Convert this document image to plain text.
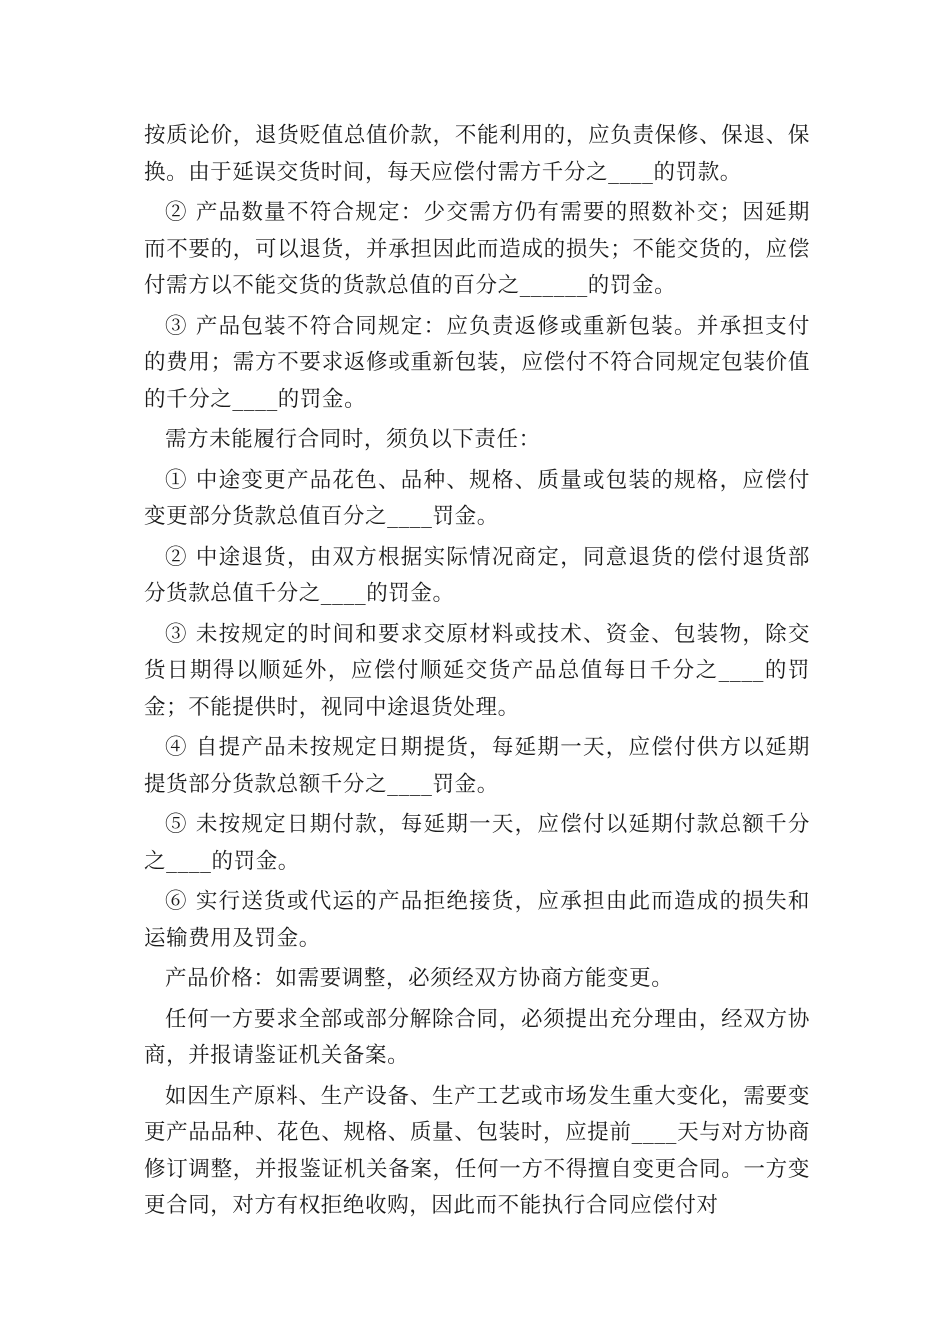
按质论价，退货贬值总值价款，不能利用的，应负责保修、保退、保换。由于延误交货时间，每天应偿付需方千分之____的罚款。

② 产品数量不符合规定：少交需方仍有需要的照数补交；因延期而不要的，可以退货，并承担因此而造成的损失；不能交货的，应偿付需方以不能交货的货款总值的百分之______的罚金。

③ 产品包装不符合同规定：应负责返修或重新包装。并承担支付的费用；需方不要求返修或重新包装，应偿付不符合同规定包装价值的千分之____的罚金。

需方未能履行合同时，须负以下责任：

① 中途变更产品花色、品种、规格、质量或包装的规格，应偿付变更部分货款总值百分之____罚金。

② 中途退货，由双方根据实际情况商定，同意退货的偿付退货部分货款总值千分之____的罚金。

③ 未按规定的时间和要求交原材料或技术、资金、包装物，除交货日期得以顺延外，应偿付顺延交货产品总值每日千分之____的罚金；不能提供时，视同中途退货处理。

④ 自提产品未按规定日期提货，每延期一天，应偿付供方以延期提货部分货款总额千分之____罚金。

⑤ 未按规定日期付款，每延期一天，应偿付以延期付款总额千分之____的罚金。

⑥ 实行送货或代运的产品拒绝接货，应承担由此而造成的损失和运输费用及罚金。

产品价格：如需要调整，必须经双方协商方能变更。

任何一方要求全部或部分解除合同，必须提出充分理由，经双方协商，并报请鉴证机关备案。

如因生产原料、生产设备、生产工艺或市场发生重大变化，需要变更产品品种、花色、规格、质量、包装时，应提前____天与对方协商修订调整，并报鉴证机关备案，任何一方不得擅自变更合同。一方变更合同，对方有权拒绝收购，因此而不能执行合同应偿付对
